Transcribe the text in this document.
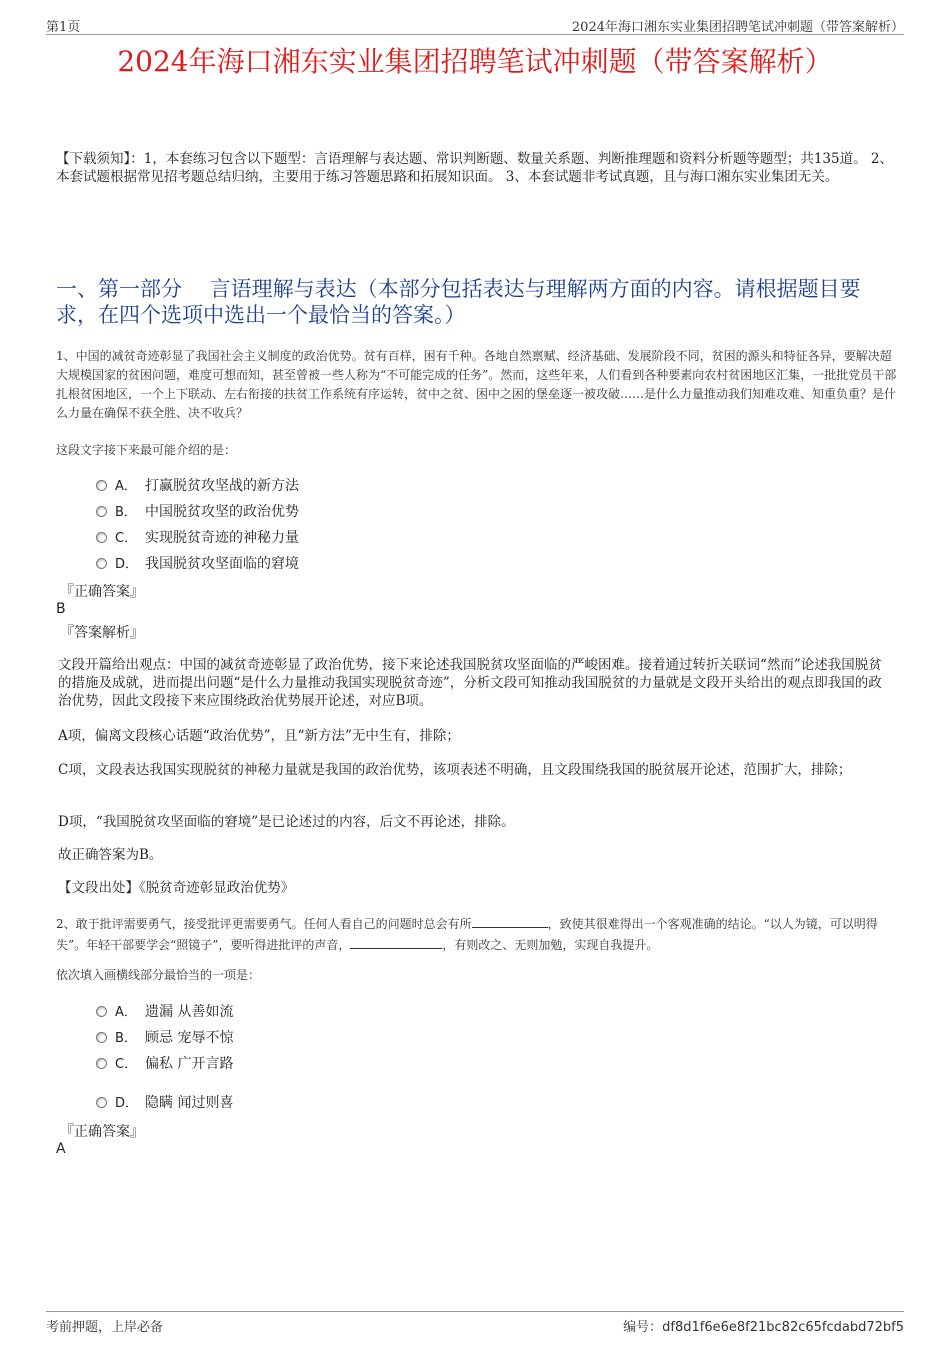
第1页	2024年海口湘东实业集团招聘笔试冲刺题（带答案解析）
2024年海口湘东实业集团招聘笔试冲刺题（带答案解析）
【下载须知】：1，本套练习包含以下题型：言语理解与表达题、常识判断题、数量关系题、判断推理题和资料分析题等题型；共135道。 2、本套试题根据常见招考题总结归纳，主要用于练习答题思路和拓展知识面。 3、本套试题非考试真题，且与海口湘东实业集团无关。
一、第一部分　 言语理解与表达（本部分包括表达与理解两方面的内容。请根据题目要求，在四个选项中选出一个最恰当的答案。）
1、中国的减贫奇迹彰显了我国社会主义制度的政治优势。贫有百样，困有千种。各地自然禀赋、经济基础、发展阶段不同，贫困的源头和特征各异，要解决超大规模国家的贫困问题，难度可想而知，甚至曾被一些人称为“不可能完成的任务”。然而，这些年来，人们看到各种要素向农村贫困地区汇集，一批批党员干部扎根贫困地区，一个上下联动、左右衔接的扶贫工作系统有序运转，贫中之贫、困中之困的堡垒逐一被攻破……是什么力量推动我们知难攻难、知重负重？是什么力量在确保不获全胜、决不收兵？
这段文字接下来最可能介绍的是：
A． 打赢脱贫攻坚战的新方法
B． 中国脱贫攻坚的政治优势
C． 实现脱贫奇迹的神秘力量
D． 我国脱贫攻坚面临的窘境
『正确答案』
B
『答案解析』
文段开篇给出观点：中国的减贫奇迹彰显了政治优势，接下来论述我国脱贫攻坚面临的严峻困难。接着通过转折关联词“然而”论述我国脱贫的措施及成就，进而提出问题“是什么力量推动我国实现脱贫奇迹”，分析文段可知推动我国脱贫的力量就是文段开头给出的观点即我国的政治优势，因此文段接下来应围绕政治优势展开论述，对应B项。
A项，偏离文段核心话题“政治优势”，且“新方法”无中生有，排除；
C项，文段表达我国实现脱贫的神秘力量就是我国的政治优势，该项表述不明确，且文段围绕我国的脱贫展开论述，范围扩大，排除；
D项，“我国脱贫攻坚面临的窘境”是已论述过的内容，后文不再论述，排除。
故正确答案为B。
【文段出处】《脱贫奇迹彰显政治优势》
2、敢于批评需要勇气，接受批评更需要勇气。任何人看自己的问题时总会有所	，致使其很难得出一个客观准确的结论。“以人为镜，可以明得失”。年轻干部要学会“照镜子”，要听得进批评的声音，	，有则改之、无则加勉，实现自我提升。
依次填入画横线部分最恰当的一项是：
A． 遗漏 从善如流
B． 顾忌 宠辱不惊
C． 偏私 广开言路
D． 隐瞒 闻过则喜
『正确答案』
A
考前押题，上岸必备	编号：df8d1f6e6e8f21bc82c65fcdabd72bf5
